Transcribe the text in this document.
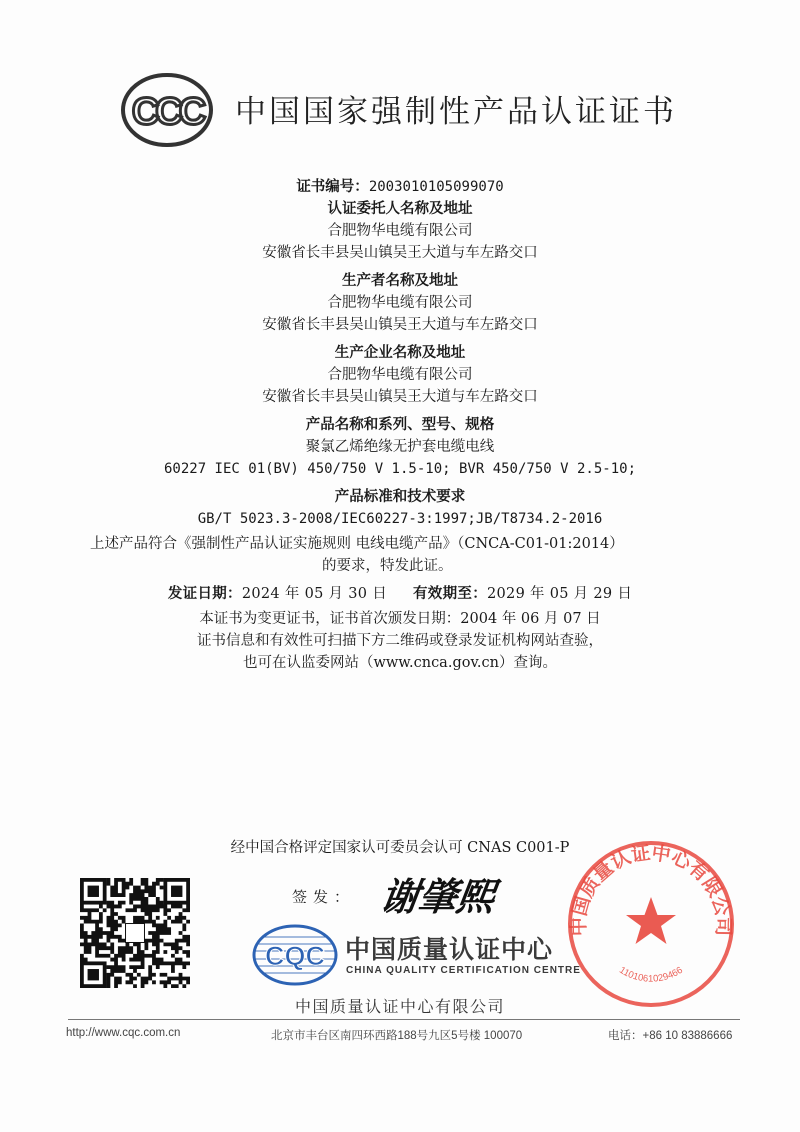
CCC 中国国家强制性产品认证证书
证书编号：2003010105099070
认证委托人名称及地址
合肥物华电缆有限公司
安徽省长丰县吴山镇吴王大道与车左路交口
生产者名称及地址
合肥物华电缆有限公司
安徽省长丰县吴山镇吴王大道与车左路交口
生产企业名称及地址
合肥物华电缆有限公司
安徽省长丰县吴山镇吴王大道与车左路交口
产品名称和系列、型号、规格
聚氯乙烯绝缘无护套电缆电线
60227 IEC 01(BV) 450/750 V 1.5-10; BVR 450/750 V 2.5-10;
产品标准和技术要求
GB/T 5023.3-2008/IEC60227-3:1997;JB/T8734.2-2016
上述产品符合《强制性产品认证实施规则 电线电缆产品》（CNCA-C01-01:2014）
的要求，特发此证。
发证日期：2024 年 05 月 30 日 有效期至：2029 年 05 月 29 日
本证书为变更证书，证书首次颁发日期：2004 年 06 月 07 日
证书信息和有效性可扫描下方二维码或登录发证机构网站查验，
也可在认监委网站（www.cnca.gov.cn）查询。
经中国合格评定国家认可委员会认可 CNAS C001-P
签发： 谢肇熙
CQC 中国质量认证中心
CHINA QUALITY CERTIFICATION CENTRE
中国质量认证中心有限公司
1101061029466
中国质量认证中心有限公司
http://www.cqc.com.cn	北京市丰台区南四环西路188号九区5号楼 100070	电话：+86 10 83886666
